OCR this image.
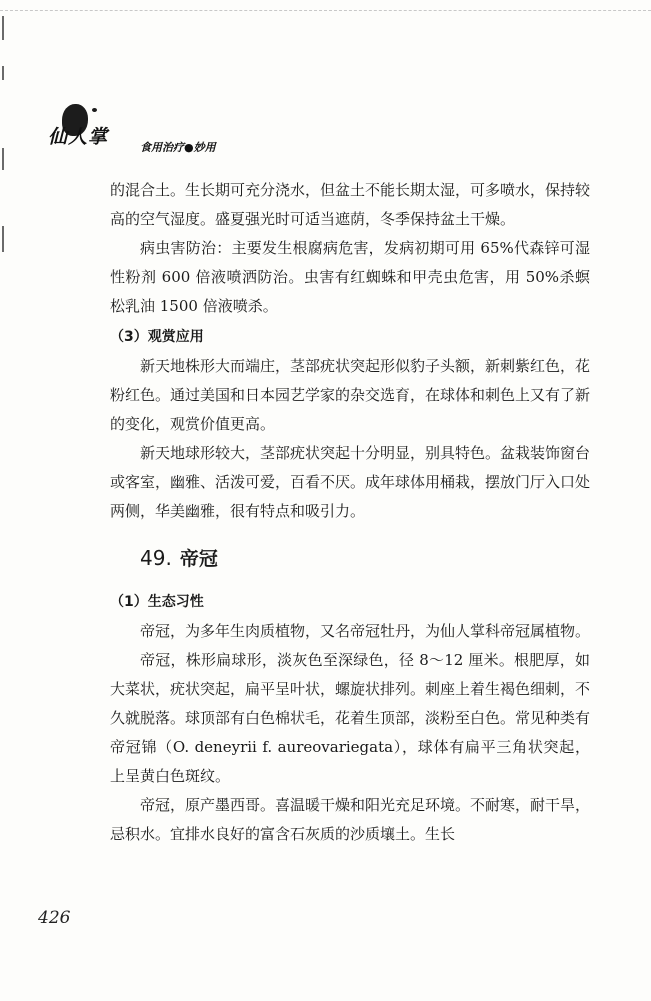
仙人掌	食用治疗●妙用

的混合土。生长期可充分浇水，但盆土不能长期太湿，可多喷水，保持较高的空气湿度。盛夏强光时可适当遮荫，冬季保持盆土干燥。

病虫害防治：主要发生根腐病危害，发病初期可用 65%代森锌可湿性粉剂 600 倍液喷洒防治。虫害有红蜘蛛和甲壳虫危害，用 50%杀螟松乳油 1500 倍液喷杀。

（3）观赏应用

新天地株形大而端庄，茎部疣状突起形似豹子头额，新刺紫红色，花粉红色。通过美国和日本园艺学家的杂交选育，在球体和刺色上又有了新的变化，观赏价值更高。

新天地球形较大，茎部疣状突起十分明显，别具特色。盆栽装饰窗台或客室，幽雅、活泼可爱，百看不厌。成年球体用桶栽，摆放门厅入口处两侧，华美幽雅，很有特点和吸引力。

49. 帝冠

（1）生态习性

帝冠，为多年生肉质植物，又名帝冠牡丹，为仙人掌科帝冠属植物。

帝冠，株形扁球形，淡灰色至深绿色，径 8～12 厘米。根肥厚，如大菜状，疣状突起，扁平呈叶状，螺旋状排列。刺座上着生褐色细刺，不久就脱落。球顶部有白色棉状毛，花着生顶部，淡粉至白色。常见种类有帝冠锦（O. deneyrii f. aureovariegata），球体有扁平三角状突起，上呈黄白色斑纹。

帝冠，原产墨西哥。喜温暖干燥和阳光充足环境。不耐寒，耐干旱，忌积水。宜排水良好的富含石灰质的沙质壤土。生长

426
